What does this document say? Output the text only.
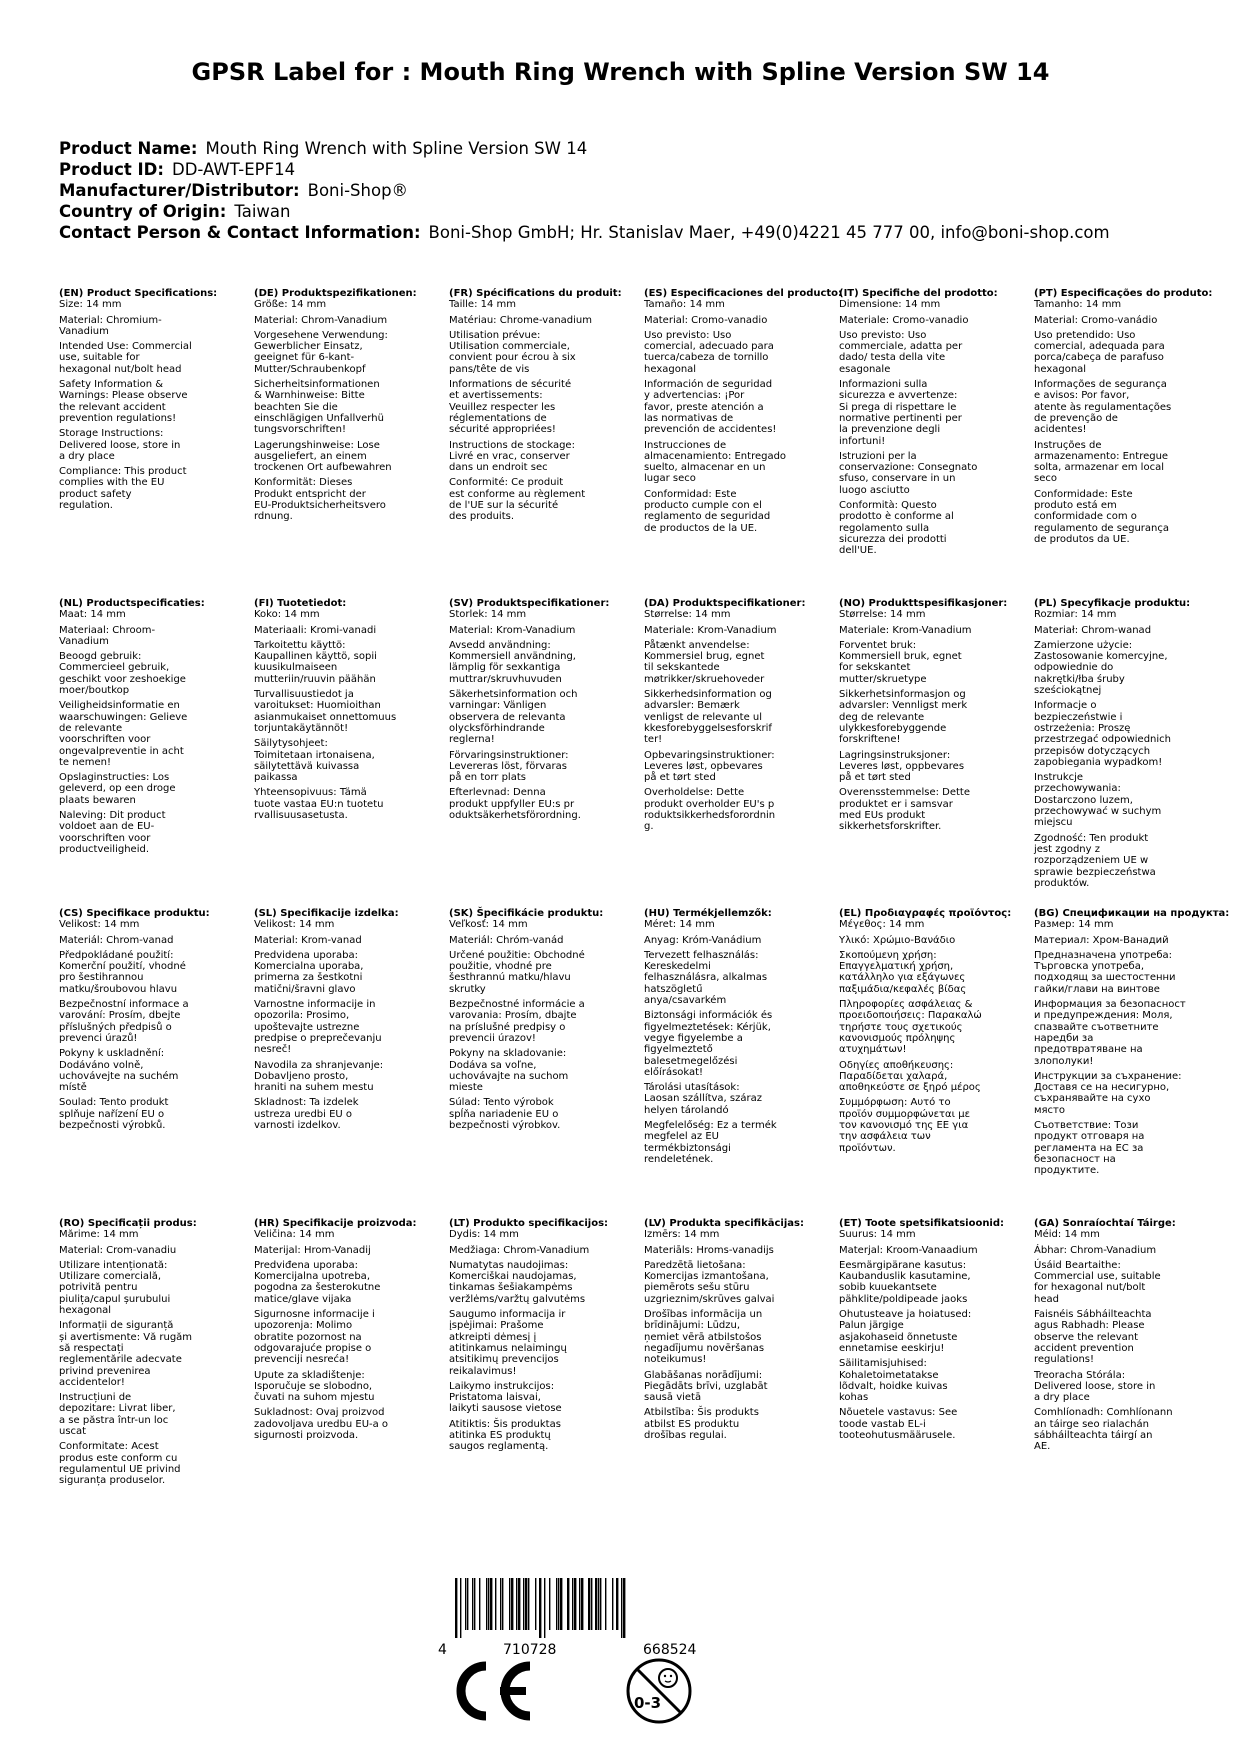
GPSR Label for : Mouth Ring Wrench with Spline Version SW 14
Product Name: Mouth Ring Wrench with Spline Version SW 14
Product ID: DD-AWT-EPF14
Manufacturer/Distributor: Boni-Shop®
Country of Origin: Taiwan
Contact Person & Contact Information: Boni-Shop GmbH; Hr. Stanislav Maer, +49(0)4221 45 777 00, info@boni-shop.com
(EN) Product Specifications:
Size: 14 mm
Material: Chromium-
Vanadium
Intended Use: Commercial
use, suitable for
hexagonal nut/bolt head
Safety Information &
Warnings: Please observe
the relevant accident
prevention regulations!
Storage Instructions:
Delivered loose, store in
a dry place
Compliance: This product
complies with the EU
product safety
regulation.
(DE) Produktspezifikationen:
Größe: 14 mm
Material: Chrom-Vanadium
Vorgesehene Verwendung:
Gewerblicher Einsatz,
geeignet für 6-kant-
Mutter/Schraubenkopf
Sicherheitsinformationen
& Warnhinweise: Bitte
beachten Sie die
einschlägigen Unfallverhü
tungsvorschriften!
Lagerungshinweise: Lose
ausgeliefert, an einem
trockenen Ort aufbewahren
Konformität: Dieses
Produkt entspricht der
EU-Produktsicherheitsvero
rdnung.
(FR) Spécifications du produit:
Taille: 14 mm
Matériau: Chrome-vanadium
Utilisation prévue:
Utilisation commerciale,
convient pour écrou à six
pans/tête de vis
Informations de sécurité
et avertissements:
Veuillez respecter les
réglementations de
sécurité appropriées!
Instructions de stockage:
Livré en vrac, conserver
dans un endroit sec
Conformité: Ce produit
est conforme au règlement
de l'UE sur la sécurité
des produits.
(ES) Especificaciones del producto:
Tamaño: 14 mm
Material: Cromo-vanadio
Uso previsto: Uso
comercial, adecuado para
tuerca/cabeza de tornillo
hexagonal
Información de seguridad
y advertencias: ¡Por
favor, preste atención a
las normativas de
prevención de accidentes!
Instrucciones de
almacenamiento: Entregado
suelto, almacenar en un
lugar seco
Conformidad: Este
producto cumple con el
reglamento de seguridad
de productos de la UE.
(IT) Specifiche del prodotto:
Dimensione: 14 mm
Materiale: Cromo-vanadio
Uso previsto: Uso
commerciale, adatta per
dado/ testa della vite
esagonale
Informazioni sulla
sicurezza e avvertenze:
Si prega di rispettare le
normative pertinenti per
la prevenzione degli
infortuni!
Istruzioni per la
conservazione: Consegnato
sfuso, conservare in un
luogo asciutto
Conformità: Questo
prodotto è conforme al
regolamento sulla
sicurezza dei prodotti
dell'UE.
(PT) Especificações do produto:
Tamanho: 14 mm
Material: Cromo-vanádio
Uso pretendido: Uso
comercial, adequada para
porca/cabeça de parafuso
hexagonal
Informações de segurança
e avisos: Por favor,
atente às regulamentações
de prevenção de
acidentes!
Instruções de
armazenamento: Entregue
solta, armazenar em local
seco
Conformidade: Este
produto está em
conformidade com o
regulamento de segurança
de produtos da UE.
(NL) Productspecificaties:
Maat: 14 mm
Materiaal: Chroom-
Vanadium
Beoogd gebruik:
Commercieel gebruik,
geschikt voor zeshoekige
moer/boutkop
Veiligheidsinformatie en
waarschuwingen: Gelieve
de relevante
voorschriften voor
ongevalpreventie in acht
te nemen!
Opslaginstructies: Los
geleverd, op een droge
plaats bewaren
Naleving: Dit product
voldoet aan de EU-
voorschriften voor
productveiligheid.
(FI) Tuotetiedot:
Koko: 14 mm
Materiaali: Kromi-vanadi
Tarkoitettu käyttö:
Kaupallinen käyttö, sopii
kuusikulmaiseen
mutteriin/ruuvin päähän
Turvallisuustiedot ja
varoitukset: Huomioithan
asianmukaiset onnettomuus
torjuntakäytännöt!
Säilytysohjeet:
Toimitetaan irtonaisena,
säilytettävä kuivassa
paikassa
Yhteensopivuus: Tämä
tuote vastaa EU:n tuotetu
rvallisuusasetusta.
(SV) Produktspecifikationer:
Storlek: 14 mm
Material: Krom-Vanadium
Avsedd användning:
Kommersiell användning,
lämplig för sexkantiga
muttrar/skruvhuvuden
Säkerhetsinformation och
varningar: Vänligen
observera de relevanta
olycksförhindrande
reglerna!
Förvaringsinstruktioner:
Levereras löst, förvaras
på en torr plats
Efterlevnad: Denna
produkt uppfyller EU:s pr
oduktsäkerhetsförordning.
(DA) Produktspecifikationer:
Størrelse: 14 mm
Materiale: Krom-Vanadium
Påtænkt anvendelse:
Kommersiel brug, egnet
til sekskantede
møtrikker/skruehoveder
Sikkerhedsinformation og
advarsler: Bemærk
venligst de relevante ul
kkesforebyggelsesforskrif
ter!
Opbevaringsinstruktioner:
Leveres løst, opbevares
på et tørt sted
Overholdelse: Dette
produkt overholder EU's p
roduktsikkerhedsforordnin
g.
(NO) Produkttspesifikasjoner:
Størrelse: 14 mm
Materiale: Krom-Vanadium
Forventet bruk:
Kommersiell bruk, egnet
for sekskantet
mutter/skruetype
Sikkerhetsinformasjon og
advarsler: Vennligst merk
deg de relevante
ulykkesforebyggende
forskriftene!
Lagringsinstruksjoner:
Leveres løst, oppbevares
på et tørt sted
Overensstemmelse: Dette
produktet er i samsvar
med EUs produkt
sikkerhetsforskrifter.
(PL) Specyfikacje produktu:
Rozmiar: 14 mm
Materiał: Chrom-wanad
Zamierzone użycie:
Zastosowanie komercyjne,
odpowiednie do
nakrętki/łba śruby
sześciokątnej
Informacje o
bezpieczeństwie i
ostrzeżenia: Proszę
przestrzegać odpowiednich
przepisów dotyczących
zapobiegania wypadkom!
Instrukcje
przechowywania:
Dostarczono luzem,
przechowywać w suchym
miejscu
Zgodność: Ten produkt
jest zgodny z
rozporządzeniem UE w
sprawie bezpieczeństwa
produktów.
(CS) Specifikace produktu:
Velikost: 14 mm
Materiál: Chrom-vanad
Předpokládané použití:
Komerční použití, vhodné
pro šestihrannou
matku/šroubovou hlavu
Bezpečnostní informace a
varování: Prosím, dbejte
příslušných předpisů o
prevenci úrazů!
Pokyny k uskladnění:
Dodáváno volně,
uchovávejte na suchém
místě
Soulad: Tento produkt
splňuje nařízení EU o
bezpečnosti výrobků.
(SL) Specifikacije izdelka:
Velikost: 14 mm
Material: Krom-vanad
Predvidena uporaba:
Komercialna uporaba,
primerna za šestkotni
matični/šravni glavo
Varnostne informacije in
opozorila: Prosimo,
upoštevajte ustrezne
predpise o preprečevanju
nesreč!
Navodila za shranjevanje:
Dobavljeno prosto,
hraniti na suhem mestu
Skladnost: Ta izdelek
ustreza uredbi EU o
varnosti izdelkov.
(SK) Špecifikácie produktu:
Veľkosť: 14 mm
Materiál: Chróm-vanád
Určené použitie: Obchodné
použitie, vhodné pre
šesthrannú matku/hlavu
skrutky
Bezpečnostné informácie a
varovania: Prosím, dbajte
na príslušné predpisy o
prevencii úrazov!
Pokyny na skladovanie:
Dodáva sa voľne,
uchovávajte na suchom
mieste
Súlad: Tento výrobok
spĺňa nariadenie EU o
bezpečnosti výrobkov.
(HU) Termékjellemzők:
Méret: 14 mm
Anyag: Króm-Vanádium
Tervezett felhasználás:
Kereskedelmi
felhasználásra, alkalmas
hatszögletű
anya/csavarkém
Biztonsági információk és
figyelmeztetések: Kérjük,
vegye figyelembe a
figyelmeztető
balesetmegelőzési
előírásokat!
Tárolási utasítások:
Laosan szállítva, száraz
helyen tárolandó
Megfelelőség: Ez a termék
megfelel az EU
termékbiztonsági
rendeletének.
(EL) Προδιαγραφές προϊόντος:
Μέγεθος: 14 mm
Υλικό: Χρώμιο-Βανάδιο
Σκοπούμενη χρήση:
Επαγγελματική χρήση,
κατάλληλο για εξάγωνες
παξιμάδια/κεφαλές βίδας
Πληροφορίες ασφάλειας &
προειδοποιήσεις: Παρακαλώ
τηρήστε τους σχετικούς
κανονισμούς πρόληψης
ατυχημάτων!
Οδηγίες αποθήκευσης:
Παραδίδεται χαλαρά,
αποθηκεύστε σε ξηρό μέρος
Συμμόρφωση: Αυτό το
προϊόν συμμορφώνεται με
τον κανονισμό της ΕΕ για
την ασφάλεια των
προϊόντων.
(BG) Спецификации на продукта:
Размер: 14 mm
Материал: Хром-Ванадий
Предназначена употреба:
Търговска употреба,
подходящ за шестостенни
гайки/глави на винтове
Информация за безопасност
и предупреждения: Моля,
спазвайте съответните
наредби за
предотвратяване на
злополуки!
Инструкции за съхранение:
Доставя се на несигурно,
съхранявайте на сухо
място
Съответствие: Този
продукт отговаря на
регламента на ЕС за
безопасност на
продуктите.
(RO) Specificații produs:
Mărime: 14 mm
Material: Crom-vanadiu
Utilizare intenționată:
Utilizare comercială,
potrivită pentru
piulița/capul șurubului
hexagonal
Informații de siguranță
și avertismente: Vă rugăm
să respectați
reglementările adecvate
privind prevenirea
accidentelor!
Instrucțiuni de
depozitare: Livrat liber,
a se păstra într-un loc
uscat
Conformitate: Acest
produs este conform cu
regulamentul UE privind
siguranța produselor.
(HR) Specifikacije proizvoda:
Veličina: 14 mm
Materijal: Hrom-Vanadij
Predviđena uporaba:
Komercijalna upotreba,
pogodna za šesterokutne
matice/glave vijaka
Sigurnosne informacije i
upozorenja: Molimo
obratite pozornost na
odgovarajuće propise o
prevenciji nesreća!
Upute za skladištenje:
Isporučuje se slobodno,
čuvati na suhom mjestu
Sukladnost: Ovaj proizvod
zadovoljava uredbu EU-a o
sigurnosti proizvoda.
(LT) Produkto specifikacijos:
Dydis: 14 mm
Medžiaga: Chrom-Vanadium
Numatytas naudojimas:
Komerciškai naudojamas,
tinkamas šešiakampėms
veržlėms/varžtų galvutėms
Saugumo informacija ir
įspėjimai: Prašome
atkreipti dėmesį į
atitinkamus nelaimingų
atsitikimų prevencijos
reikalavimus!
Laikymo instrukcijos:
Pristatoma laisvai,
laikyti sausose vietose
Atitiktis: Šis produktas
atitinka ES produktų
saugos reglamentą.
(LV) Produkta specifikācijas:
Izmērs: 14 mm
Materiāls: Hroms-vanadijs
Paredzētā lietošana:
Komercijas izmantošana,
piemērots sešu stūru
uzgrieznim/skrūves galvai
Drošības informācija un
brīdinājumi: Lūdzu,
ņemiet vērā atbilstošos
negadījumu novēršanas
noteikumus!
Glabāšanas norādījumi:
Piegādāts brīvi, uzglabāt
sausā vietā
Atbilstība: Šis produkts
atbilst ES produktu
drošības regulai.
(ET) Toote spetsifikatsioonid:
Suurus: 14 mm
Materjal: Kroom-Vanaadium
Eesmärgipärane kasutus:
Kaubanduslik kasutamine,
sobib kuuekantsete
pähklite/poldipeade jaoks
Ohutusteave ja hoiatused:
Palun järgige
asjakohaseid õnnetuste
ennetamise eeskirju!
Säilitamisjuhised:
Kohaletoimetatakse
lõdvalt, hoidke kuivas
kohas
Nõuetele vastavus: See
toode vastab EL-i
tooteohutusmäärusele.
(GA) Sonraíochtaí Táirge:
Méid: 14 mm
Ábhar: Chrom-Vanadium
Úsáid Beartaithe:
Commercial use, suitable
for hexagonal nut/bolt
head
Faisnéis Sábháilteachta
agus Rabhadh: Please
observe the relevant
accident prevention
regulations!
Treoracha Stórála:
Delivered loose, store in
a dry place
Comhlíonadh: Comhlíonann
an táirge seo rialachán
sábháilteachta táirgí an
AE.
4	710728	668524
0-3
